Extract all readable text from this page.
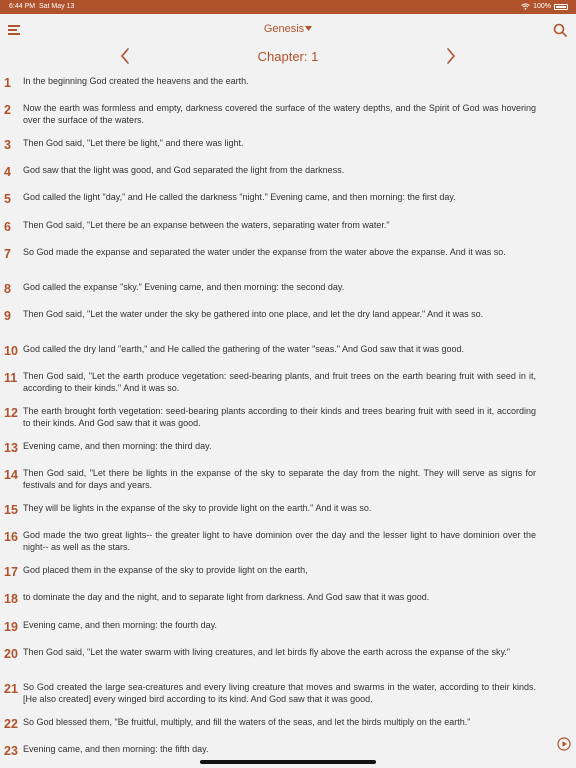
6:44 PM Sat May 13	100%
Genesis
Chapter: 1
1	In the beginning God created the heavens and the earth.
2	Now the earth was formless and empty, darkness covered the surface of the watery depths, and the Spirit of God was hovering over the surface of the waters.
3	Then God said, "Let there be light," and there was light.
4	God saw that the light was good, and God separated the light from the darkness.
5	God called the light "day," and He called the darkness "night." Evening came, and then morning: the first day.
6	Then God said, "Let there be an expanse between the waters, separating water from water."
7	So God made the expanse and separated the water under the expanse from the water above the expanse. And it was so.
8	God called the expanse "sky." Evening came, and then morning: the second day.
9	Then God said, "Let the water under the sky be gathered into one place, and let the dry land appear." And it was so.
10 God called the dry land "earth," and He called the gathering of the water "seas." And God saw that it was good.
11 Then God said, "Let the earth produce vegetation: seed-bearing plants, and fruit trees on the earth bearing fruit with seed in it, according to their kinds." And it was so.
12 The earth brought forth vegetation: seed-bearing plants according to their kinds and trees bearing fruit with seed in it, according to their kinds. And God saw that it was good.
13 Evening came, and then morning: the third day.
14 Then God said, "Let there be lights in the expanse of the sky to separate the day from the night. They will serve as signs for festivals and for days and years.
15 They will be lights in the expanse of the sky to provide light on the earth." And it was so.
16 God made the two great lights-- the greater light to have dominion over the day and the lesser light to have dominion over the night-- as well as the stars.
17 God placed them in the expanse of the sky to provide light on the earth,
18 to dominate the day and the night, and to separate light from darkness. And God saw that it was good.
19 Evening came, and then morning: the fourth day.
20 Then God said, "Let the water swarm with living creatures, and let birds fly above the earth across the expanse of the sky."
21 So God created the large sea-creatures and every living creature that moves and swarms in the water, according to their kinds. [He also created] every winged bird according to its kind. And God saw that it was good.
22 So God blessed them, "Be fruitful, multiply, and fill the waters of the seas, and let the birds multiply on the earth."
23 Evening came, and then morning: the fifth day.
